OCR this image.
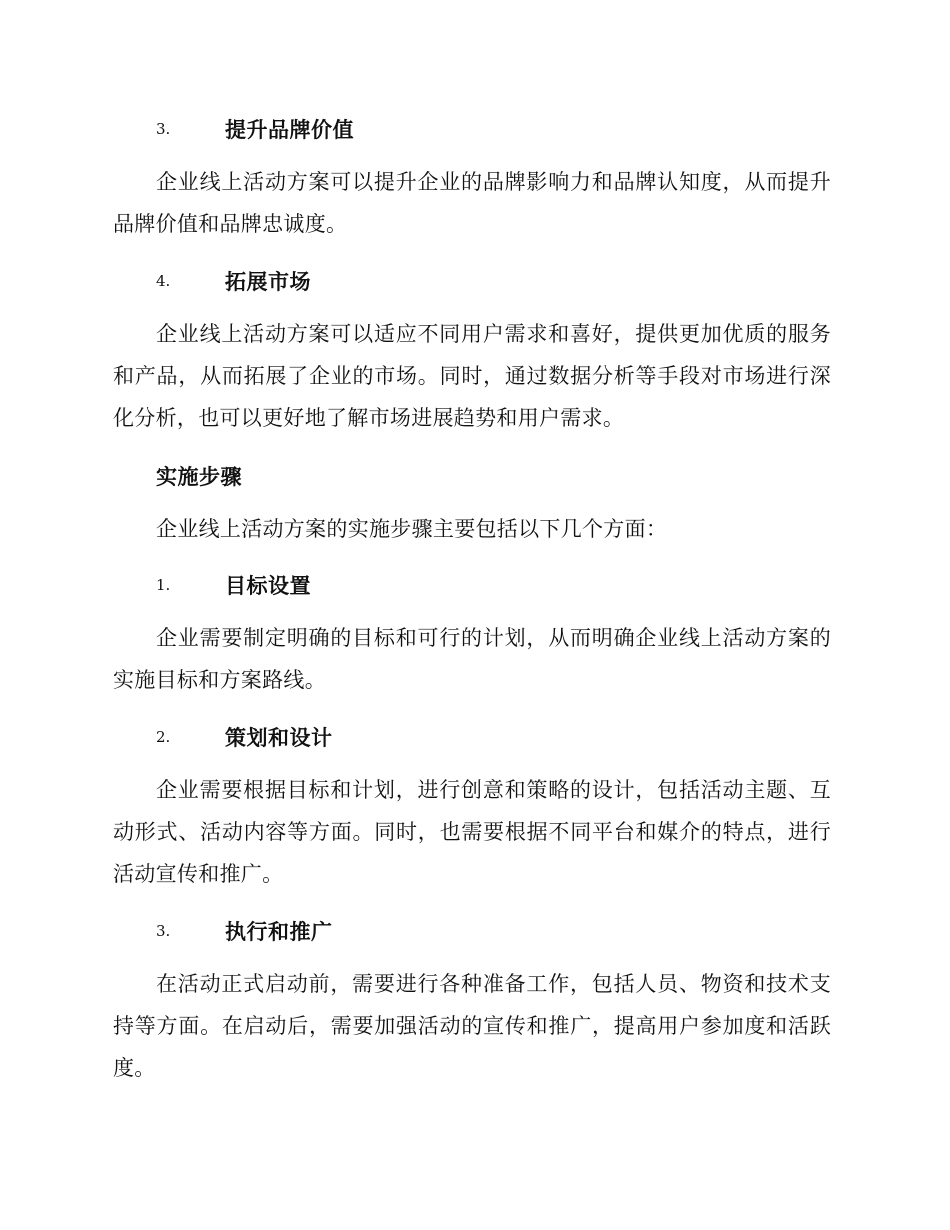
3.	提升品牌价值
企业线上活动方案可以提升企业的品牌影响力和品牌认知度，从而提升品牌价值和品牌忠诚度。
4.	拓展市场
企业线上活动方案可以适应不同用户需求和喜好，提供更加优质的服务和产品，从而拓展了企业的市场。同时，通过数据分析等手段对市场进行深化分析，也可以更好地了解市场进展趋势和用户需求。
实施步骤
企业线上活动方案的实施步骤主要包括以下几个方面：
1.	目标设置
企业需要制定明确的目标和可行的计划，从而明确企业线上活动方案的实施目标和方案路线。
2.	策划和设计
企业需要根据目标和计划，进行创意和策略的设计，包括活动主题、互动形式、活动内容等方面。同时，也需要根据不同平台和媒介的特点，进行活动宣传和推广。
3.	执行和推广
在活动正式启动前，需要进行各种准备工作，包括人员、物资和技术支持等方面。在启动后，需要加强活动的宣传和推广，提高用户参加度和活跃度。
